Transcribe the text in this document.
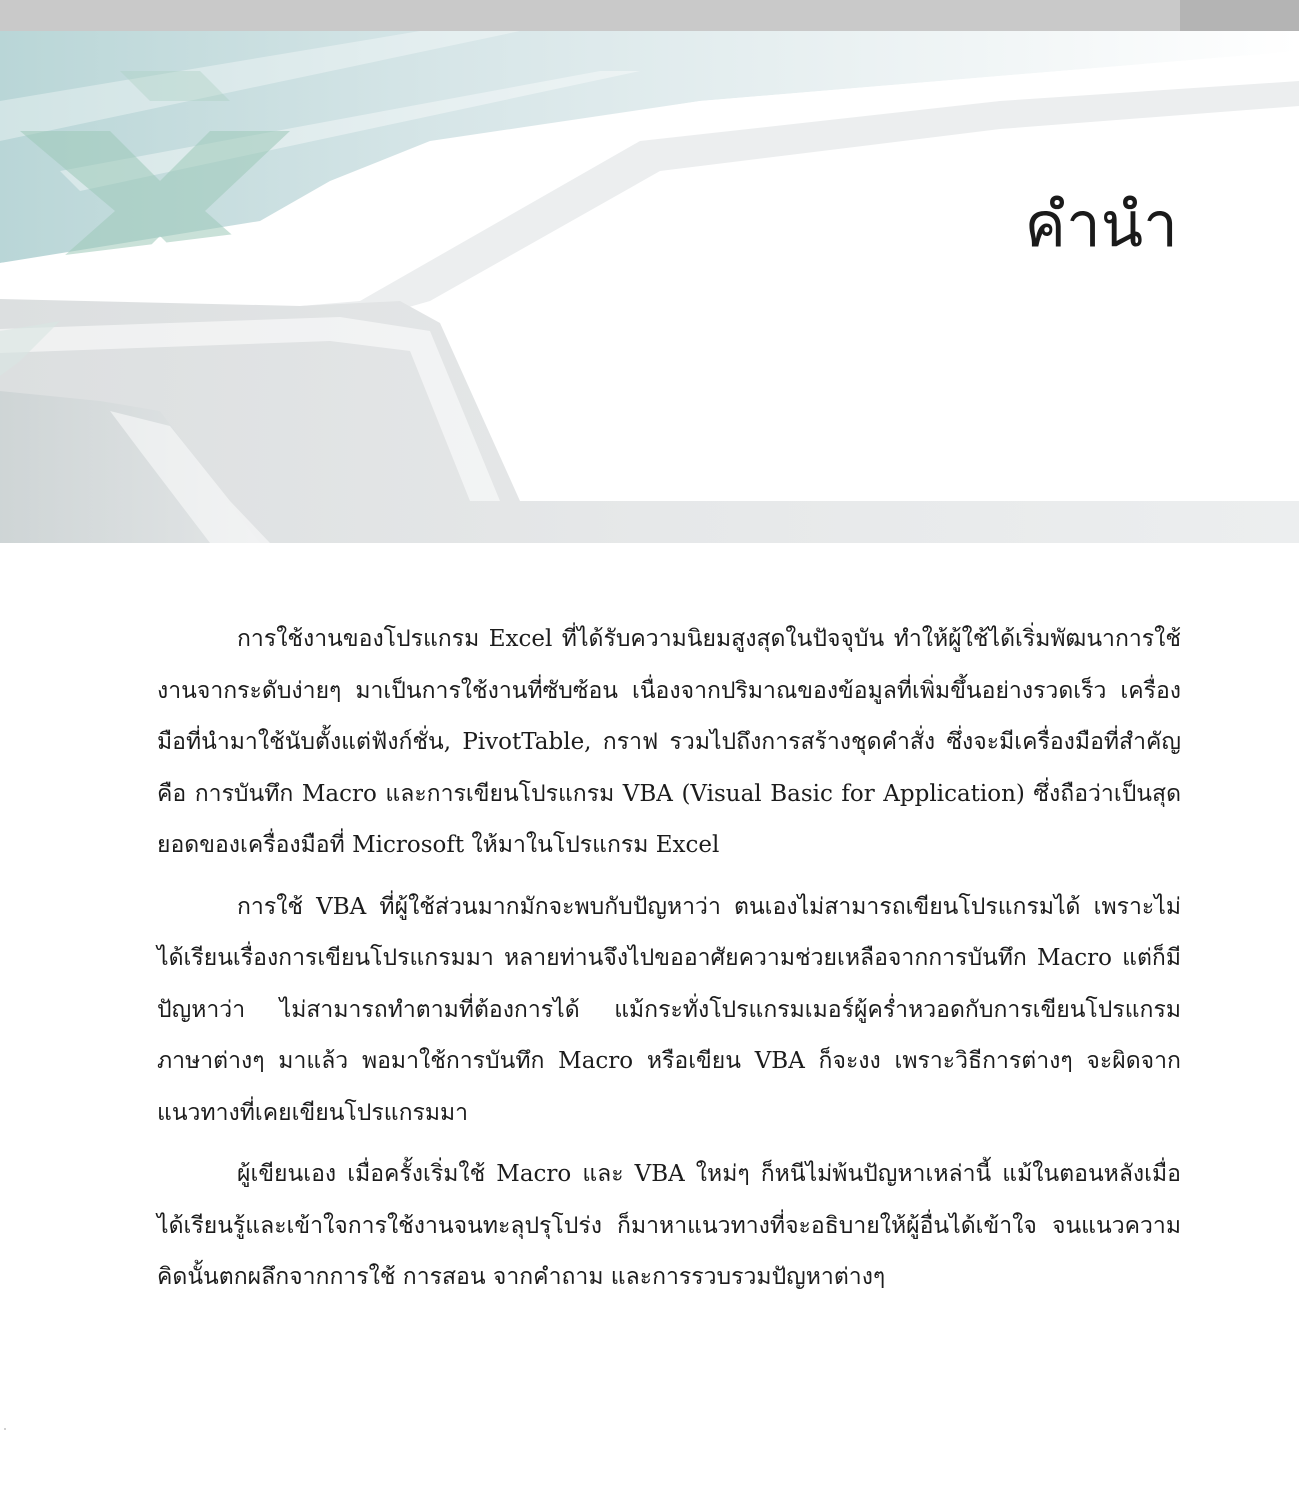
คำนำ

การใช้งานของโปรแกรม Excel ที่ได้รับความนิยมสูงสุดในปัจจุบัน ทำให้ผู้ใช้ได้เริ่มพัฒนาการใช้งานจากระดับง่ายๆ มาเป็นการใช้งานที่ซับซ้อน เนื่องจากปริมาณของข้อมูลที่เพิ่มขึ้นอย่างรวดเร็ว เครื่องมือที่นำมาใช้นับตั้งแต่ฟังก์ชั่น, PivotTable, กราฟ รวมไปถึงการสร้างชุดคำสั่ง ซึ่งจะมีเครื่องมือที่สำคัญคือ การบันทึก Macro และการเขียนโปรแกรม VBA (Visual Basic for Application) ซึ่งถือว่าเป็นสุดยอดของเครื่องมือที่ Microsoft ให้มาในโปรแกรม Excel

การใช้ VBA ที่ผู้ใช้ส่วนมากมักจะพบกับปัญหาว่า ตนเองไม่สามารถเขียนโปรแกรมได้ เพราะไม่ได้เรียนเรื่องการเขียนโปรแกรมมา หลายท่านจึงไปขออาศัยความช่วยเหลือจากการบันทึก Macro แต่ก็มีปัญหาว่า ไม่สามารถทำตามที่ต้องการได้ แม้กระทั่งโปรแกรมเมอร์ผู้คร่ำหวอดกับการเขียนโปรแกรมภาษาต่างๆ มาแล้ว พอมาใช้การบันทึก Macro หรือเขียน VBA ก็จะงง เพราะวิธีการต่างๆ จะผิดจากแนวทางที่เคยเขียนโปรแกรมมา

ผู้เขียนเอง เมื่อครั้งเริ่มใช้ Macro และ VBA ใหม่ๆ ก็หนีไม่พ้นปัญหาเหล่านี้ แม้ในตอนหลังเมื่อได้เรียนรู้และเข้าใจการใช้งานจนทะลุปรุโปร่ง ก็มาหาแนวทางที่จะอธิบายให้ผู้อื่นได้เข้าใจ จนแนวความคิดนั้นตกผลึกจากการใช้ การสอน จากคำถาม และการรวบรวมปัญหาต่างๆ
